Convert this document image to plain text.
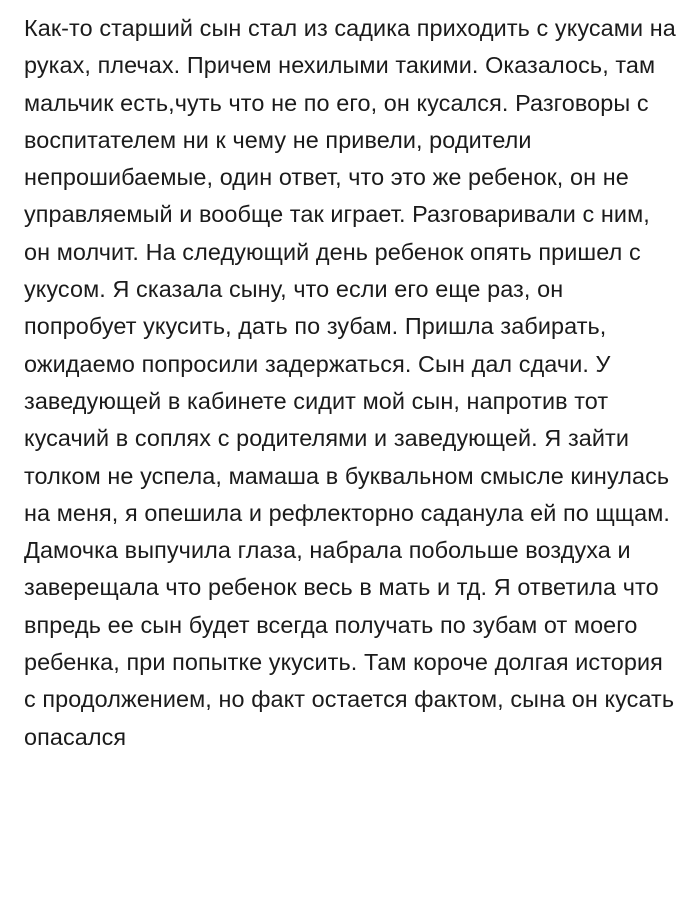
Как-то старший сын стал из садика приходить с укусами на руках, плечах. Причем нехилыми такими. Оказалось, там мальчик есть,чуть что не по его, он кусался. Разговоры с воспитателем ни к чему не привели, родители непрошибаемые, один ответ, что это же ребенок, он не управляемый и вообще так играет. Разговаривали с ним, он молчит. На следующий день ребенок опять пришел с укусом. Я сказала сыну, что если его еще раз, он попробует укусить, дать по зубам. Пришла забирать, ожидаемо попросили задержаться. Сын дал сдачи. У заведующей в кабинете сидит мой сын, напротив тот кусачий в соплях с родителями и заведующей. Я зайти толком не успела, мамаша в буквальном смысле кинулась на меня, я опешила и рефлекторно саданула ей по щщам. Дамочка выпучила глаза, набрала побольше воздуха и заверещала что ребенок весь в мать и тд. Я ответила что впредь ее сын будет всегда получать по зубам от моего ребенка, при попытке укусить. Там короче долгая история с продолжением, но факт остается фактом, сына он кусать опасался
